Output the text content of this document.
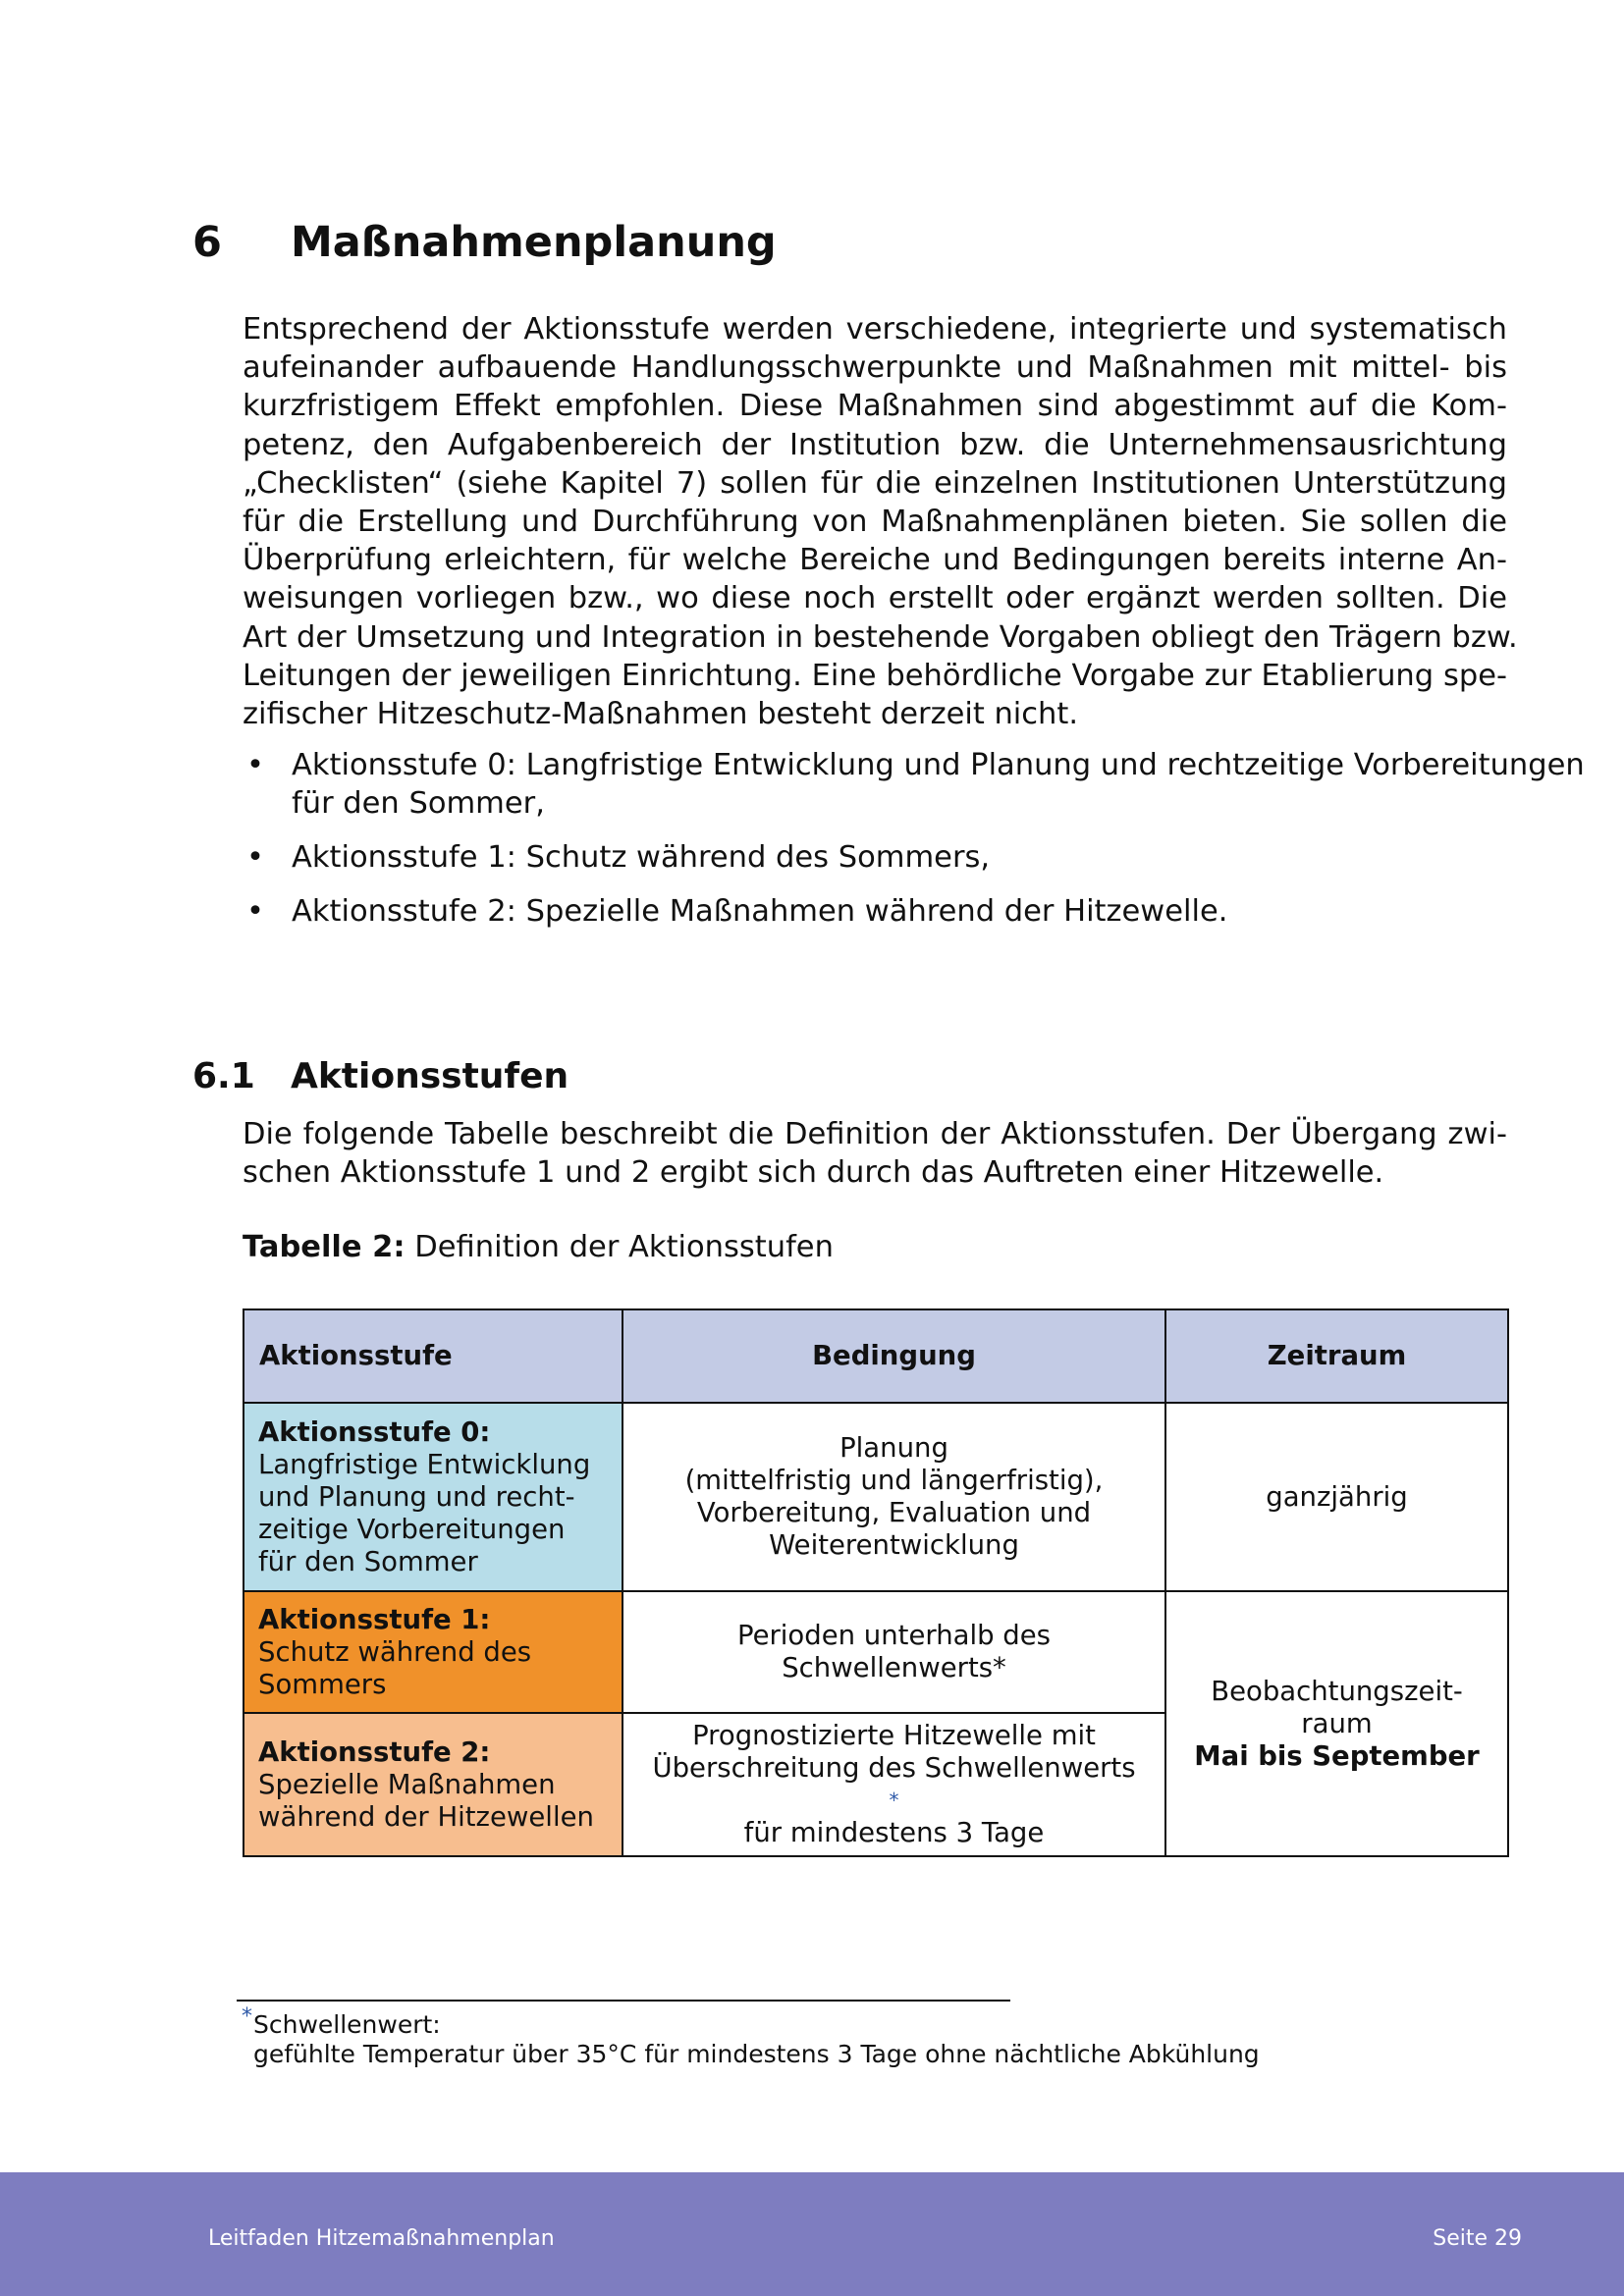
6 Maßnahmenplanung
Entsprechend der Aktionsstufe werden verschiedene, integrierte und systematisch
aufeinander aufbauende Handlungsschwerpunkte und Maßnahmen mit mittel- bis
kurzfristigem Effekt empfohlen. Diese Maßnahmen sind abgestimmt auf die Kom-
petenz, den Aufgabenbereich der Institution bzw. die Unternehmensausrichtung
„Checklisten“ (siehe Kapitel 7) sollen für die einzelnen Institutionen Unterstützung
für die Erstellung und Durchführung von Maßnahmenplänen bieten. Sie sollen die
Überprüfung erleichtern, für welche Bereiche und Bedingungen bereits interne An-
weisungen vorliegen bzw., wo diese noch erstellt oder ergänzt werden sollten. Die
Art der Umsetzung und Integration in bestehende Vorgaben obliegt den Trägern bzw.
Leitungen der jeweiligen Einrichtung. Eine behördliche Vorgabe zur Etablierung spe-
zifischer Hitzeschutz-Maßnahmen besteht derzeit nicht.
• Aktionsstufe 0: Langfristige Entwicklung und Planung und rechtzeitige Vorbereitungen
für den Sommer,
• Aktionsstufe 1: Schutz während des Sommers,
• Aktionsstufe 2: Spezielle Maßnahmen während der Hitzewelle.
6.1 Aktionsstufen
Die folgende Tabelle beschreibt die Definition der Aktionsstufen. Der Übergang zwi-
schen Aktionsstufe 1 und 2 ergibt sich durch das Auftreten einer Hitzewelle.

Tabelle 2: Definition der Aktionsstufen

Aktionsstufe	Bedingung	Zeitraum

Aktionsstufe 0:
Langfristige Entwicklung
und Planung und recht-
zeitige Vorbereitungen
für den Sommer	Planung
(mittelfristig und längerfristig),
Vorbereitung, Evaluation und
Weiterentwicklung	ganzjährig

Aktionsstufe 1:
Schutz während des
Sommers	Perioden unterhalb des
Schwellenwerts*	Beobachtungszeit-
raum
Mai bis September

Aktionsstufe 2:
Spezielle Maßnahmen
während der Hitzewellen	Prognostizierte Hitzewelle mit
Überschreitung des Schwellenwerts
*
für mindestens 3 Tage	
* Schwellenwert:
gefühlte Temperatur über 35°C für mindestens 3 Tage ohne nächtliche Abkühlung
Leitfaden Hitzemaßnahmenplan	Seite 29
